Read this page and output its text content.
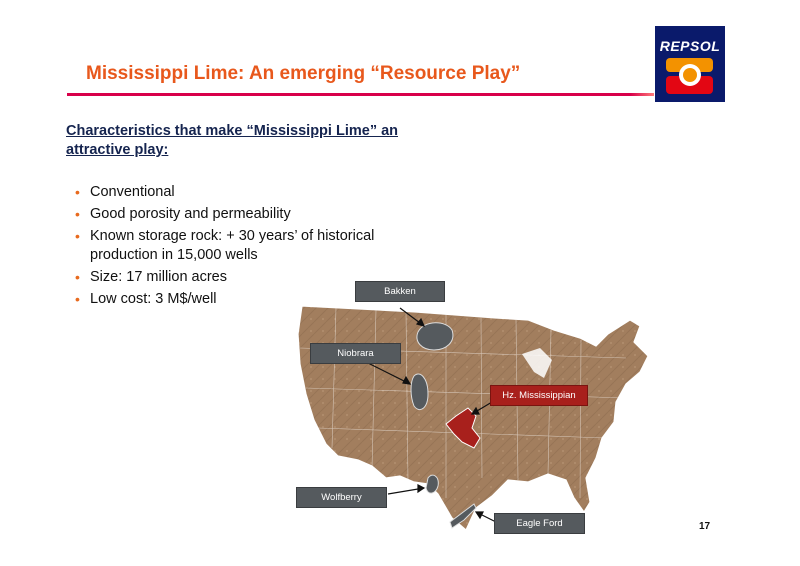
Mississippi Lime: An emerging “Resource Play”
REPSOL
Characteristics that make “Mississippi Lime” an attractive play:
• Conventional
• Good porosity and permeability
• Known storage rock: + 30 years’ of historical production in 15,000 wells
• Size: 17 million acres
• Low cost: 3 M$/well	Bakken
Niobrara
Hz. Mississippian
Wolfberry
Eagle Ford	17
